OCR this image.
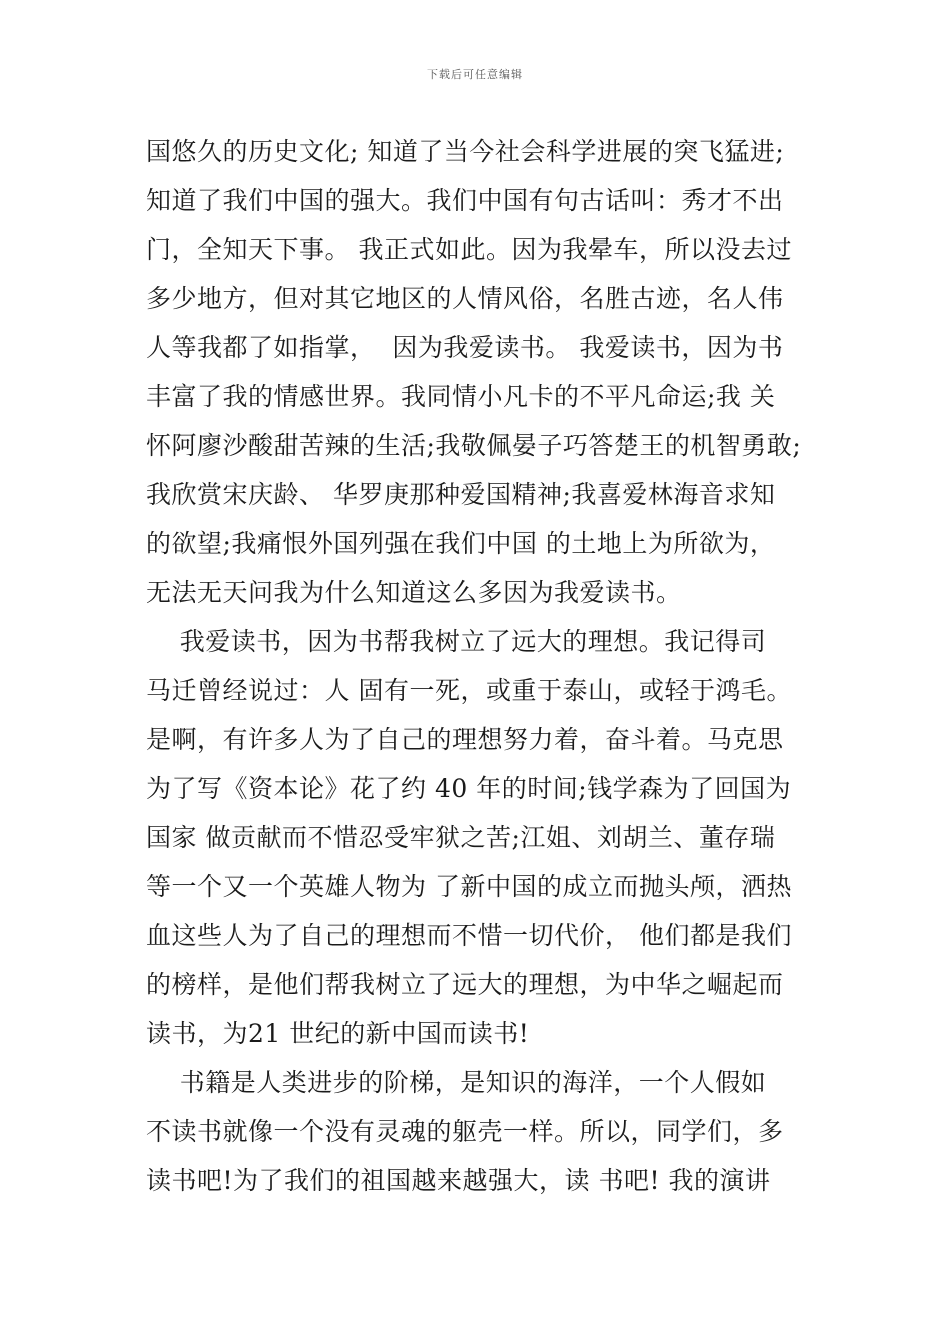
下载后可任意编辑
国悠久的历史文化; 知道了当今社会科学进展的突飞猛进;
知道了我们中国的强大。我们中国有句古话叫：秀才不出
门，全知天下事。 我正式如此。因为我晕车，所以没去过
多少地方，但对其它地区的人情风俗，名胜古迹，名人伟
人等我都了如指掌，  因为我爱读书。 我爱读书，因为书
丰富了我的情感世界。我同情小凡卡的不平凡命运;我 关
怀阿廖沙酸甜苦辣的生活;我敬佩晏子巧答楚王的机智勇敢;
我欣赏宋庆龄、 华罗庚那种爱国精神;我喜爱林海音求知
的欲望;我痛恨外国列强在我们中国 的土地上为所欲为，
无法无天问我为什么知道这么多因为我爱读书。
我爱读书，因为书帮我树立了远大的理想。我记得司
马迁曾经说过：人 固有一死，或重于泰山，或轻于鸿毛。
是啊，有许多人为了自己的理想努力着，奋斗着。马克思
为了写《资本论》花了约 40 年的时间;钱学森为了回国为
国家 做贡献而不惜忍受牢狱之苦;江姐、刘胡兰、董存瑞
等一个又一个英雄人物为 了新中国的成立而抛头颅，洒热
血这些人为了自己的理想而不惜一切代价， 他们都是我们
的榜样，是他们帮我树立了远大的理想，为中华之崛起而
读书，为21 世纪的新中国而读书!
书籍是人类进步的阶梯，是知识的海洋，一个人假如
不读书就像一个没有灵魂的躯壳一样。所以，同学们，多
读书吧!为了我们的祖国越来越强大，读 书吧! 我的演讲
